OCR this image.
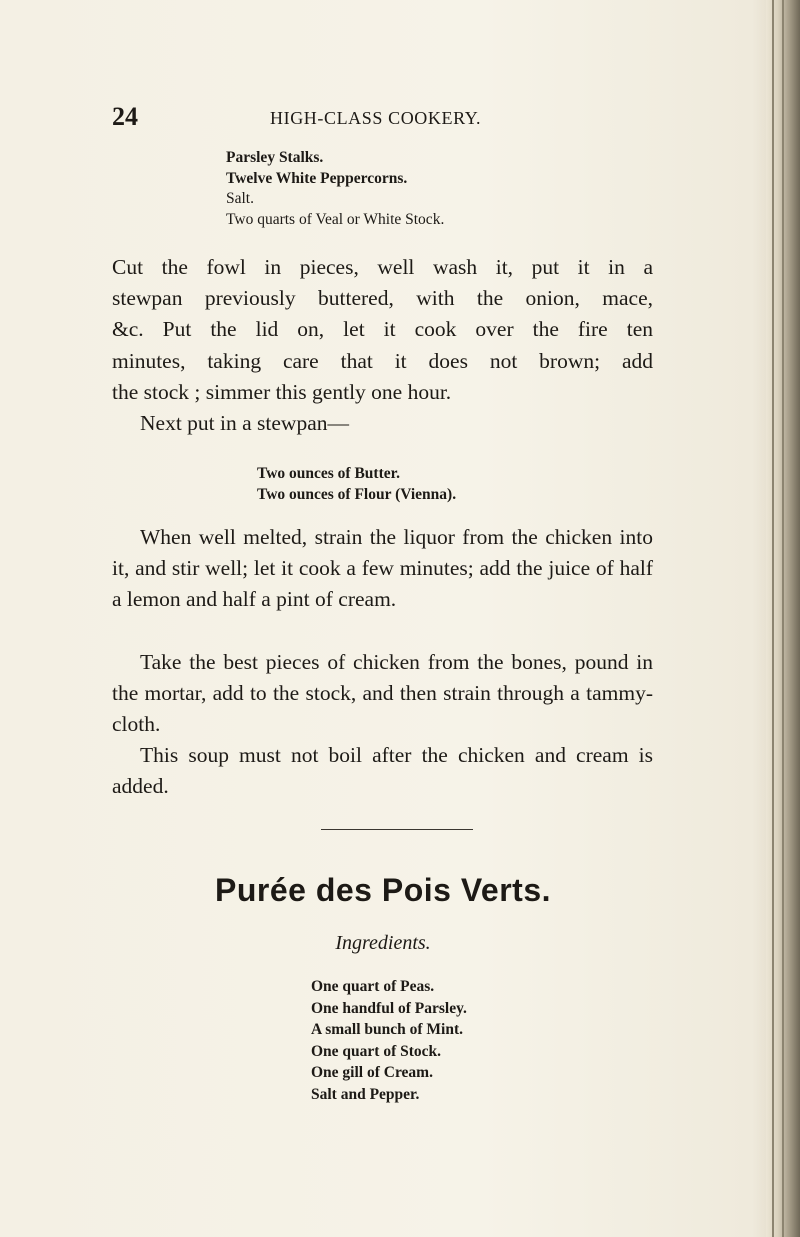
24	HIGH-CLASS COOKERY.
Parsley Stalks.
Twelve White Peppercorns.
Salt.
Two quarts of Veal or White Stock.
Cut the fowl in pieces, well wash it, put it in a
stewpan previously buttered, with the onion, mace,
&c. Put the lid on, let it cook over the fire ten
minutes, taking care that it does not brown; add
the stock ; simmer this gently one hour.
Next put in a stewpan—
Two ounces of Butter.
Two ounces of Flour (Vienna).

When well melted, strain the liquor from the chicken into it, and stir well; let it cook a few minutes; add the juice of half a lemon and half a pint of cream.

Take the best pieces of chicken from the bones, pound in the mortar, add to the stock, and then strain through a tammy-cloth.

This soup must not boil after the chicken and cream is added.

Purée des Pois Verts.
Ingredients.
One quart of Peas.
One handful of Parsley.
A small bunch of Mint.
One quart of Stock.
One gill of Cream.
Salt and Pepper.
